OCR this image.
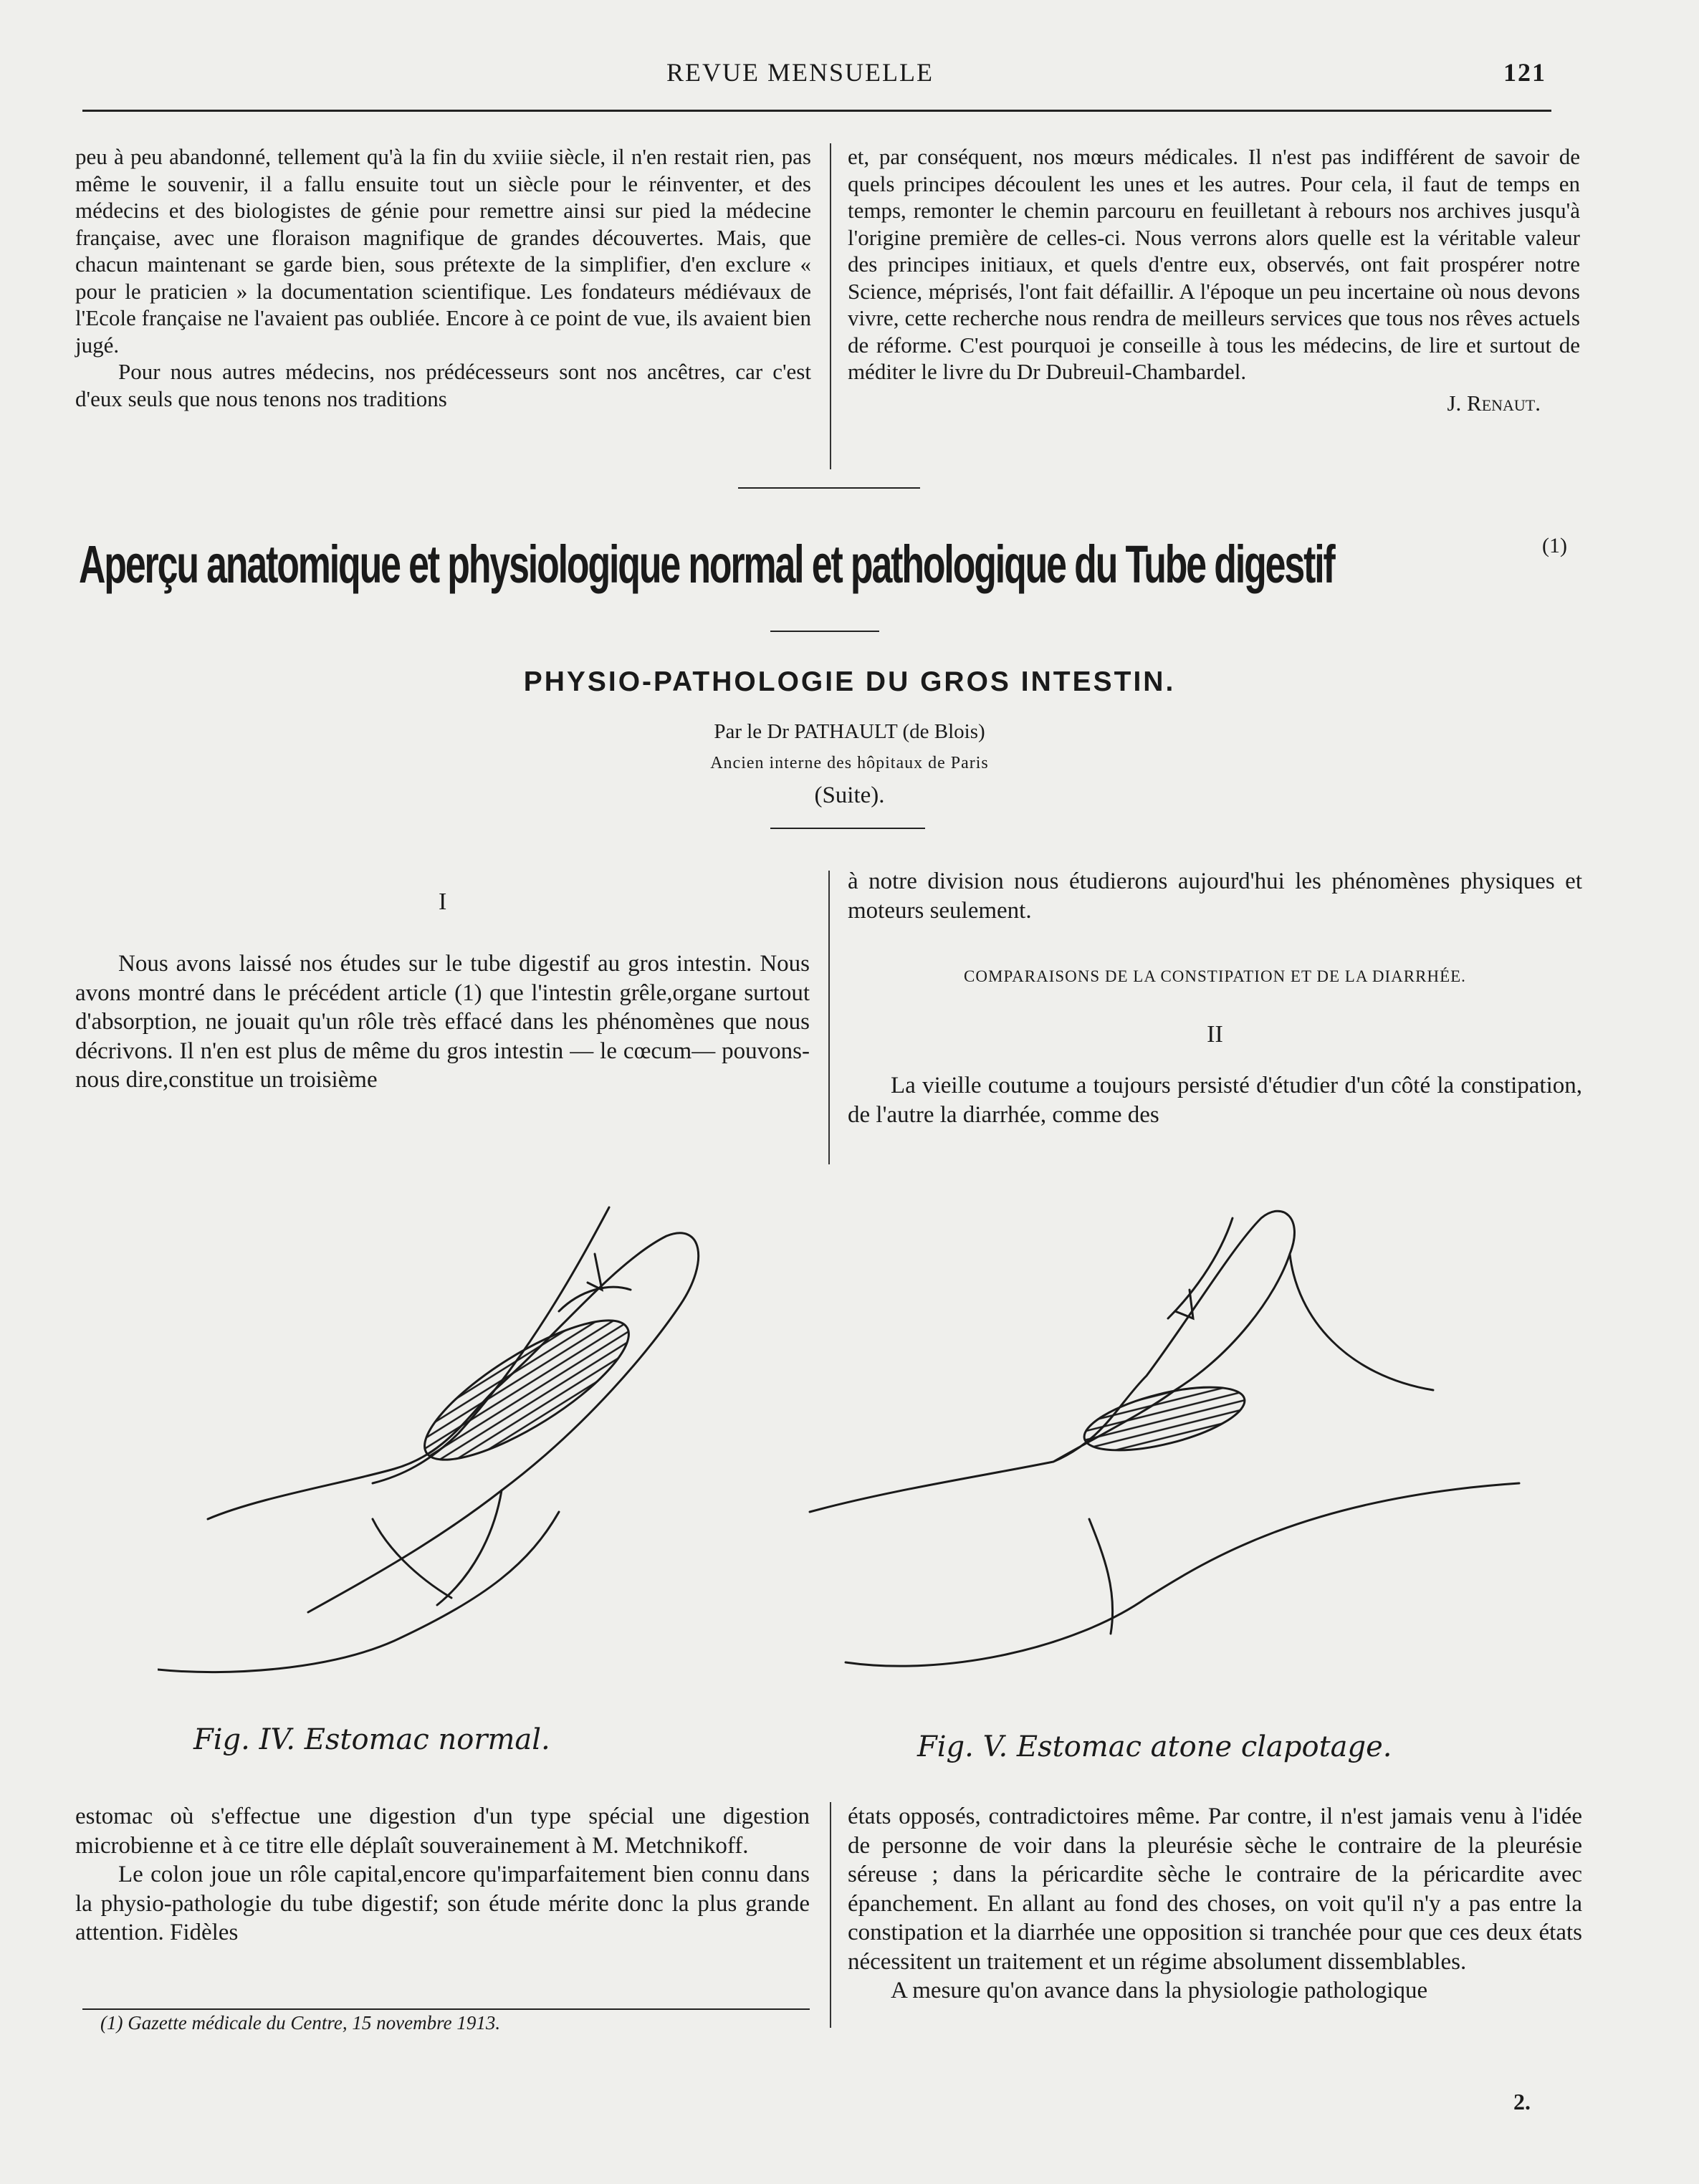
REVUE MENSUELLE	121

peu à peu abandonné, tellement qu'à la fin du xviiie siècle, il n'en restait rien, pas même le souvenir, il a fallu ensuite tout un siècle pour le réinventer, et des médecins et des biologistes de génie pour remettre ainsi sur pied la médecine française, avec une floraison magnifique de grandes découvertes. Mais, que chacun maintenant se garde bien, sous prétexte de la simplifier, d'en exclure « pour le praticien » la documentation scientifique. Les fondateurs médiévaux de l'Ecole française ne l'avaient pas oubliée. Encore à ce point de vue, ils avaient bien jugé.

Pour nous autres médecins, nos prédécesseurs sont nos ancêtres, car c'est d'eux seuls que nous tenons nos traditions

et, par conséquent, nos mœurs médicales. Il n'est pas indifférent de savoir de quels principes découlent les unes et les autres. Pour cela, il faut de temps en temps, remonter le chemin parcouru en feuilletant à rebours nos archives jusqu'à l'origine première de celles-ci. Nous verrons alors quelle est la véritable valeur des principes initiaux, et quels d'entre eux, observés, ont fait prospérer notre Science, méprisés, l'ont fait défaillir. A l'époque un peu incertaine où nous devons vivre, cette recherche nous rendra de meilleurs services que tous nos rêves actuels de réforme. C'est pourquoi je conseille à tous les médecins, de lire et surtout de méditer le livre du Dr Dubreuil-Chambardel.

J. Renaut.

Aperçu anatomique et physiologique normal et pathologique du Tube digestif	(1)
PHYSIO-PATHOLOGIE DU GROS INTESTIN.
Par le Dr PATHAULT (de Blois)
Ancien interne des hôpitaux de Paris
(Suite).
I

Nous avons laissé nos études sur le tube digestif au gros intestin. Nous avons montré dans le précédent article (1) que l'intestin grêle,organe surtout d'absorption, ne jouait qu'un rôle très effacé dans les phénomènes que nous décrivons. Il n'en est plus de même du gros intestin — le cœcum— pouvons-nous dire,constitue un troisième

à notre division nous étudierons aujourd'hui les phénomènes physiques et moteurs seulement.

COMPARAISONS DE LA CONSTIPATION ET DE LA DIARRHÉE.
II

La vieille coutume a toujours persisté d'étudier d'un côté la constipation, de l'autre la diarrhée, comme des

Fig. IV. Estomac normal.	Fig. V. Estomac atone clapotage.

estomac où s'effectue une digestion d'un type spécial une digestion microbienne et à ce titre elle déplaît souverainement à M. Metchnikoff.

Le colon joue un rôle capital,encore qu'imparfaitement bien connu dans la physio-pathologie du tube digestif; son étude mérite donc la plus grande attention. Fidèles

(1) Gazette médicale du Centre, 15 novembre 1913.

états opposés, contradictoires même. Par contre, il n'est jamais venu à l'idée de personne de voir dans la pleurésie sèche le contraire de la pleurésie séreuse ; dans la péricardite sèche le contraire de la péricardite avec épanchement. En allant au fond des choses, on voit qu'il n'y a pas entre la constipation et la diarrhée une opposition si tranchée pour que ces deux états nécessitent un traitement et un régime absolument dissemblables.

A mesure qu'on avance dans la physiologie pathologique

2.
